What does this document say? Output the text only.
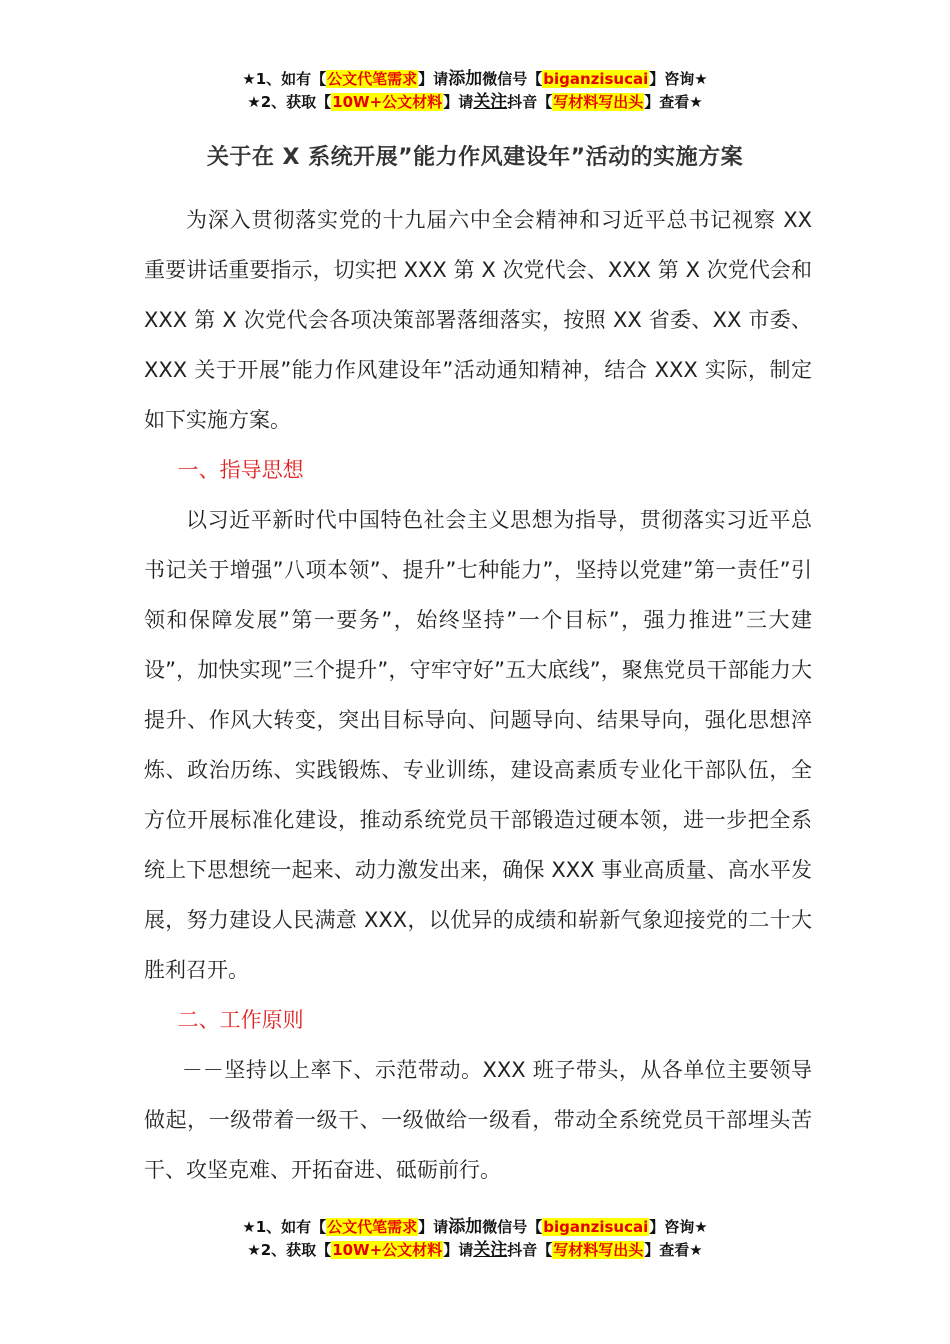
★1、如有【公文代笔需求】请添加微信号【biganzisucai】咨询★
★2、获取【10W+公文材料】请关注抖音【写材料写出头】查看★
关于在 X 系统开展”能力作风建设年”活动的实施方案

为深入贯彻落实党的十九届六中全会精神和习近平总书记视察 XX 重要讲话重要指示，切实把 XXX 第 X 次党代会、XXX 第 X 次党代会和 XXX 第 X 次党代会各项决策部署落细落实，按照 XX 省委、XX 市委、XXX 关于开展”能力作风建设年”活动通知精神，结合 XXX 实际，制定如下实施方案。

一、指导思想

以习近平新时代中国特色社会主义思想为指导，贯彻落实习近平总书记关于增强”八项本领”、提升”七种能力”，坚持以党建”第一责任”引领和保障发展”第一要务”，始终坚持”一个目标”，强力推进”三大建设”，加快实现”三个提升”，守牢守好”五大底线”，聚焦党员干部能力大提升、作风大转变，突出目标导向、问题导向、结果导向，强化思想淬炼、政治历练、实践锻炼、专业训练，建设高素质专业化干部队伍，全方位开展标准化建设，推动系统党员干部锻造过硬本领，进一步把全系统上下思想统一起来、动力激发出来，确保 XXX 事业高质量、高水平发展，努力建设人民满意 XXX，以优异的成绩和崭新气象迎接党的二十大胜利召开。

二、工作原则

－－坚持以上率下、示范带动。XXX 班子带头，从各单位主要领导做起，一级带着一级干、一级做给一级看，带动全系统党员干部埋头苦干、攻坚克难、开拓奋进、砥砺前行。

★1、如有【公文代笔需求】请添加微信号【biganzisucai】咨询★
★2、获取【10W+公文材料】请关注抖音【写材料写出头】查看★
